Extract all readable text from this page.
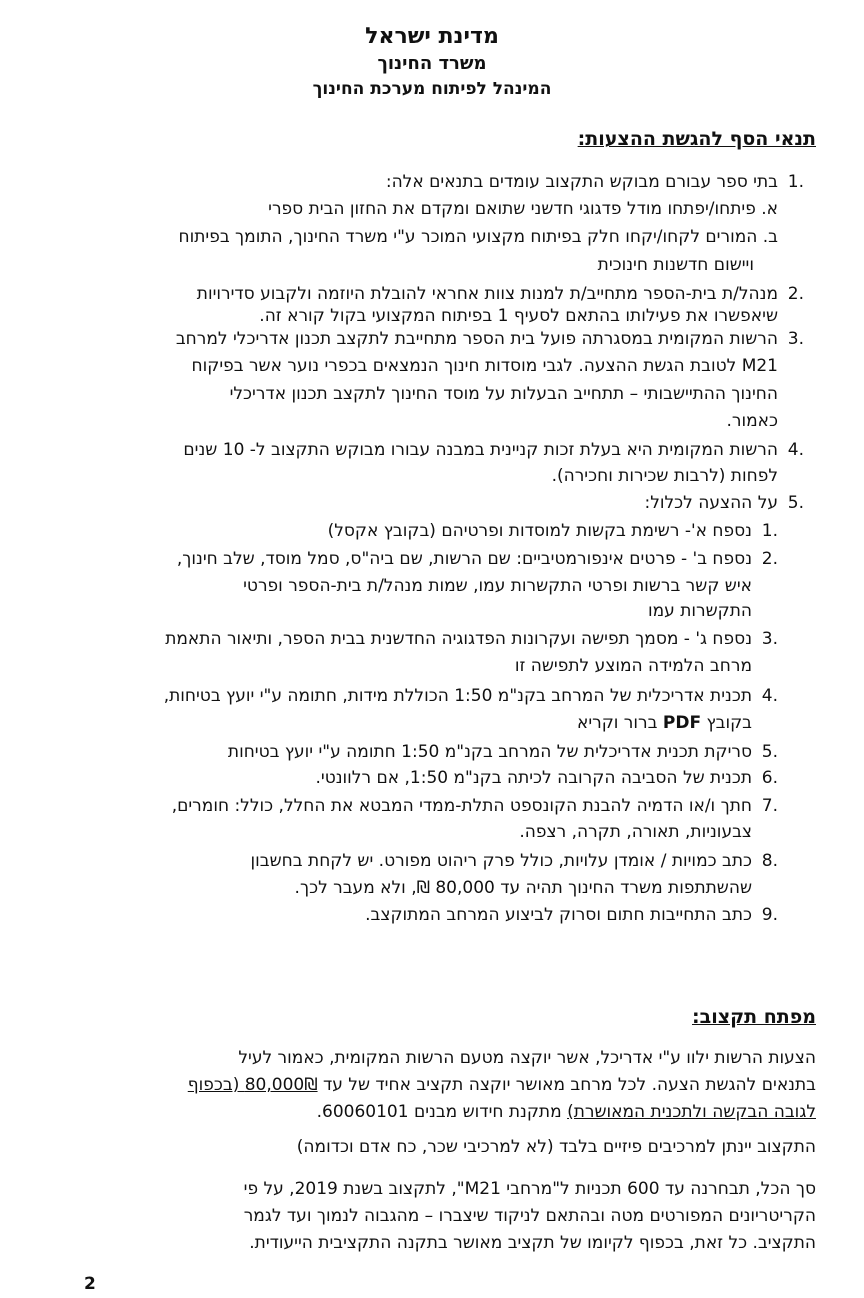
מדינת ישראל
משרד החינוך
המינהל לפיתוח מערכת החינוך
תנאי הסף להגשת ההצעות:
.1
בתי ספר עבורם מבוקש התקצוב עומדים בתנאים אלה:
א. פיתחו/יפתחו מודל פדגוגי חדשני שתואם ומקדם את החזון הבית ספרי
ב. המורים לקחו/יקחו חלק בפיתוח מקצועי המוכר ע"י משרד החינוך, התומך בפיתוח
ויישום חדשנות חינוכית
.2
מנהל/ת בית-הספר מתחייב/ת למנות צוות אחראי להובלת היוזמה ולקבוע סדירויות
שיאפשרו את פעילותו בהתאם לסעיף 1 בפיתוח המקצועי בקול קורא זה.
.3
הרשות המקומית במסגרתה פועל בית הספר מתחייבת לתקצב תכנון אדריכלי למרחב
M21 לטובת הגשת ההצעה. לגבי מוסדות חינוך הנמצאים בכפרי נוער אשר בפיקוח
החינוך ההתיישבותי – תתחייב הבעלות על מוסד החינוך לתקצב תכנון אדריכלי
כאמור.
.4
הרשות המקומית היא בעלת זכות קניינית במבנה עבורו מבוקש התקצוב ל- 10 שנים
לפחות (לרבות שכירות וחכירה).
.5
על ההצעה לכלול:
.1
נספח א'- רשימת בקשות למוסדות ופרטיהם (בקובץ אקסל)
.2
נספח ב' - פרטים אינפורמטיביים: שם הרשות, שם ביה"ס, סמל מוסד, שלב חינוך,
איש קשר ברשות ופרטי התקשרות עמו, שמות מנהל/ת בית-הספר ופרטי
התקשרות עמו
.3
נספח ג' - מסמך תפישה ועקרונות הפדגוגיה החדשנית בבית הספר, ותיאור התאמת
מרחב הלמידה המוצע לתפישה זו
.4
תכנית אדריכלית של המרחב בקנ"מ 1:50 הכוללת מידות, חתומה ע"י יועץ בטיחות,
בקובץ PDF ברור וקריא
.5
סריקת תכנית אדריכלית של המרחב בקנ"מ 1:50 חתומה ע"י יועץ בטיחות
.6
תכנית של הסביבה הקרובה לכיתה בקנ"מ 1:50, אם רלוונטי.
.7
חתך ו/או הדמיה להבנת הקונספט התלת-ממדי המבטא את החלל, כולל: חומרים,
צבעוניות, תאורה, תקרה, רצפה.
.8
כתב כמויות / אומדן עלויות, כולל פרק ריהוט מפורט. יש לקחת בחשבון
שהשתתפות משרד החינוך תהיה עד 80,000 ₪, ולא מעבר לכך.
.9
כתב התחייבות חתום וסרוק לביצוע המרחב המתוקצב.
מפתח תקצוב:
הצעות הרשות ילוו ע"י אדריכל, אשר יוקצה מטעם הרשות המקומית, כאמור לעיל
בתנאים להגשת הצעה. לכל מרחב מאושר יוקצה תקציב אחיד של עד 80,000₪ (בכפוף
לגובה הבקשה ולתכנית המאושרת) מתקנת חידוש מבנים 60060101.
התקצוב יינתן למרכיבים פיזיים בלבד (לא למרכיבי שכר, כח אדם וכדומה)
סך הכל, תבחרנה עד 600 תכניות ל"מרחבי M21", לתקצוב בשנת 2019, על פי
הקריטריונים המפורטים מטה ובהתאם לניקוד שיצברו – מהגבוה לנמוך ועד לגמר
התקציב. כל זאת, בכפוף לקיומו של תקציב מאושר בתקנה התקציבית הייעודית.
2
